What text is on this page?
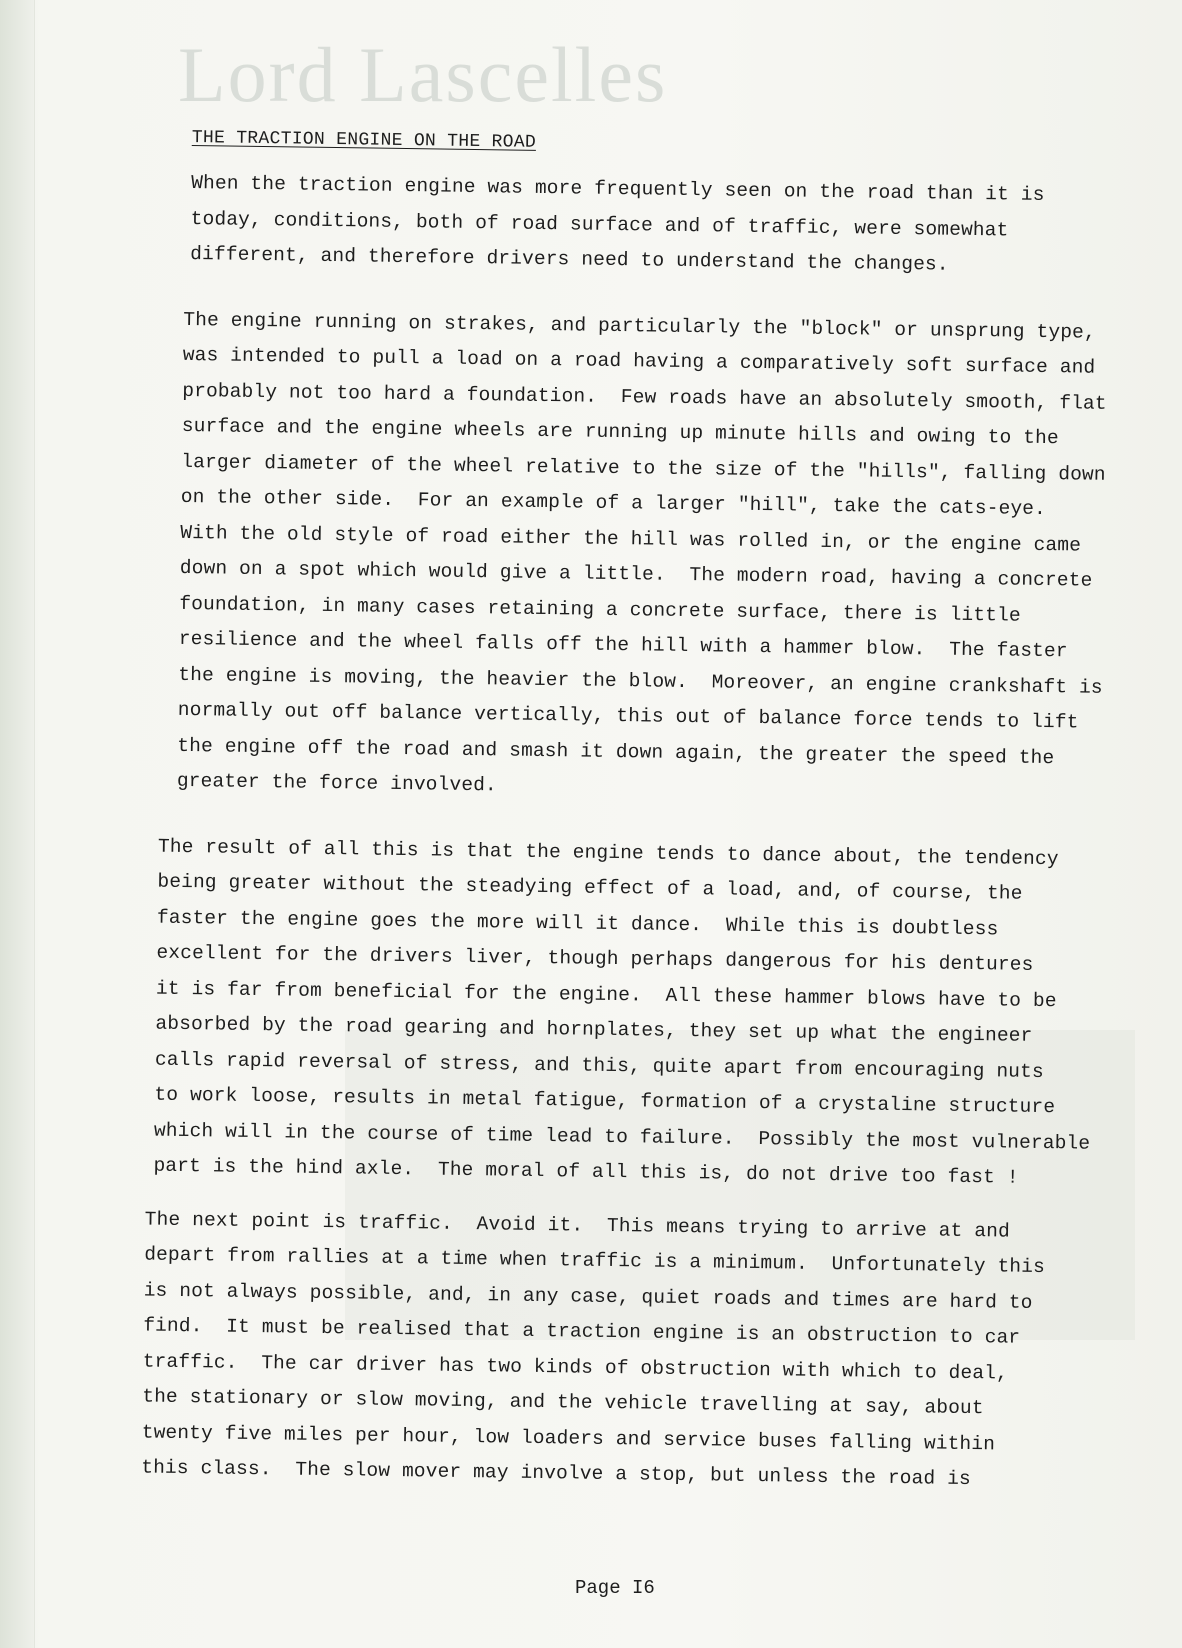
Lord Lascelles
THE TRACTION ENGINE ON THE ROAD
When the traction engine was more frequently seen on the road than it is
today, conditions, both of road surface and of traffic, were somewhat
different, and therefore drivers need to understand the changes.
The engine running on strakes, and particularly the "block" or unsprung type,
was intended to pull a load on a road having a comparatively soft surface and
probably not too hard a foundation.  Few roads have an absolutely smooth, flat
surface and the engine wheels are running up minute hills and owing to the
larger diameter of the wheel relative to the size of the "hills", falling down
on the other side.  For an example of a larger "hill", take the cats-eye.
With the old style of road either the hill was rolled in, or the engine came
down on a spot which would give a little.  The modern road, having a concrete
foundation, in many cases retaining a concrete surface, there is little
resilience and the wheel falls off the hill with a hammer blow.  The faster
the engine is moving, the heavier the blow.  Moreover, an engine crankshaft is
normally out off balance vertically, this out of balance force tends to lift
the engine off the road and smash it down again, the greater the speed the
greater the force involved.
The result of all this is that the engine tends to dance about, the tendency
being greater without the steadying effect of a load, and, of course, the
faster the engine goes the more will it dance.  While this is doubtless
excellent for the drivers liver, though perhaps dangerous for his dentures
it is far from beneficial for the engine.  All these hammer blows have to be
absorbed by the road gearing and hornplates, they set up what the engineer
calls rapid reversal of stress, and this, quite apart from encouraging nuts
to work loose, results in metal fatigue, formation of a crystaline structure
which will in the course of time lead to failure.  Possibly the most vulnerable
part is the hind axle.  The moral of all this is, do not drive too fast !
The next point is traffic.  Avoid it.  This means trying to arrive at and
depart from rallies at a time when traffic is a minimum.  Unfortunately this
is not always possible, and, in any case, quiet roads and times are hard to
find.  It must be realised that a traction engine is an obstruction to car
traffic.  The car driver has two kinds of obstruction with which to deal,
the stationary or slow moving, and the vehicle travelling at say, about
twenty five miles per hour, low loaders and service buses falling within
this class.  The slow mover may involve a stop, but unless the road is
Page I6
